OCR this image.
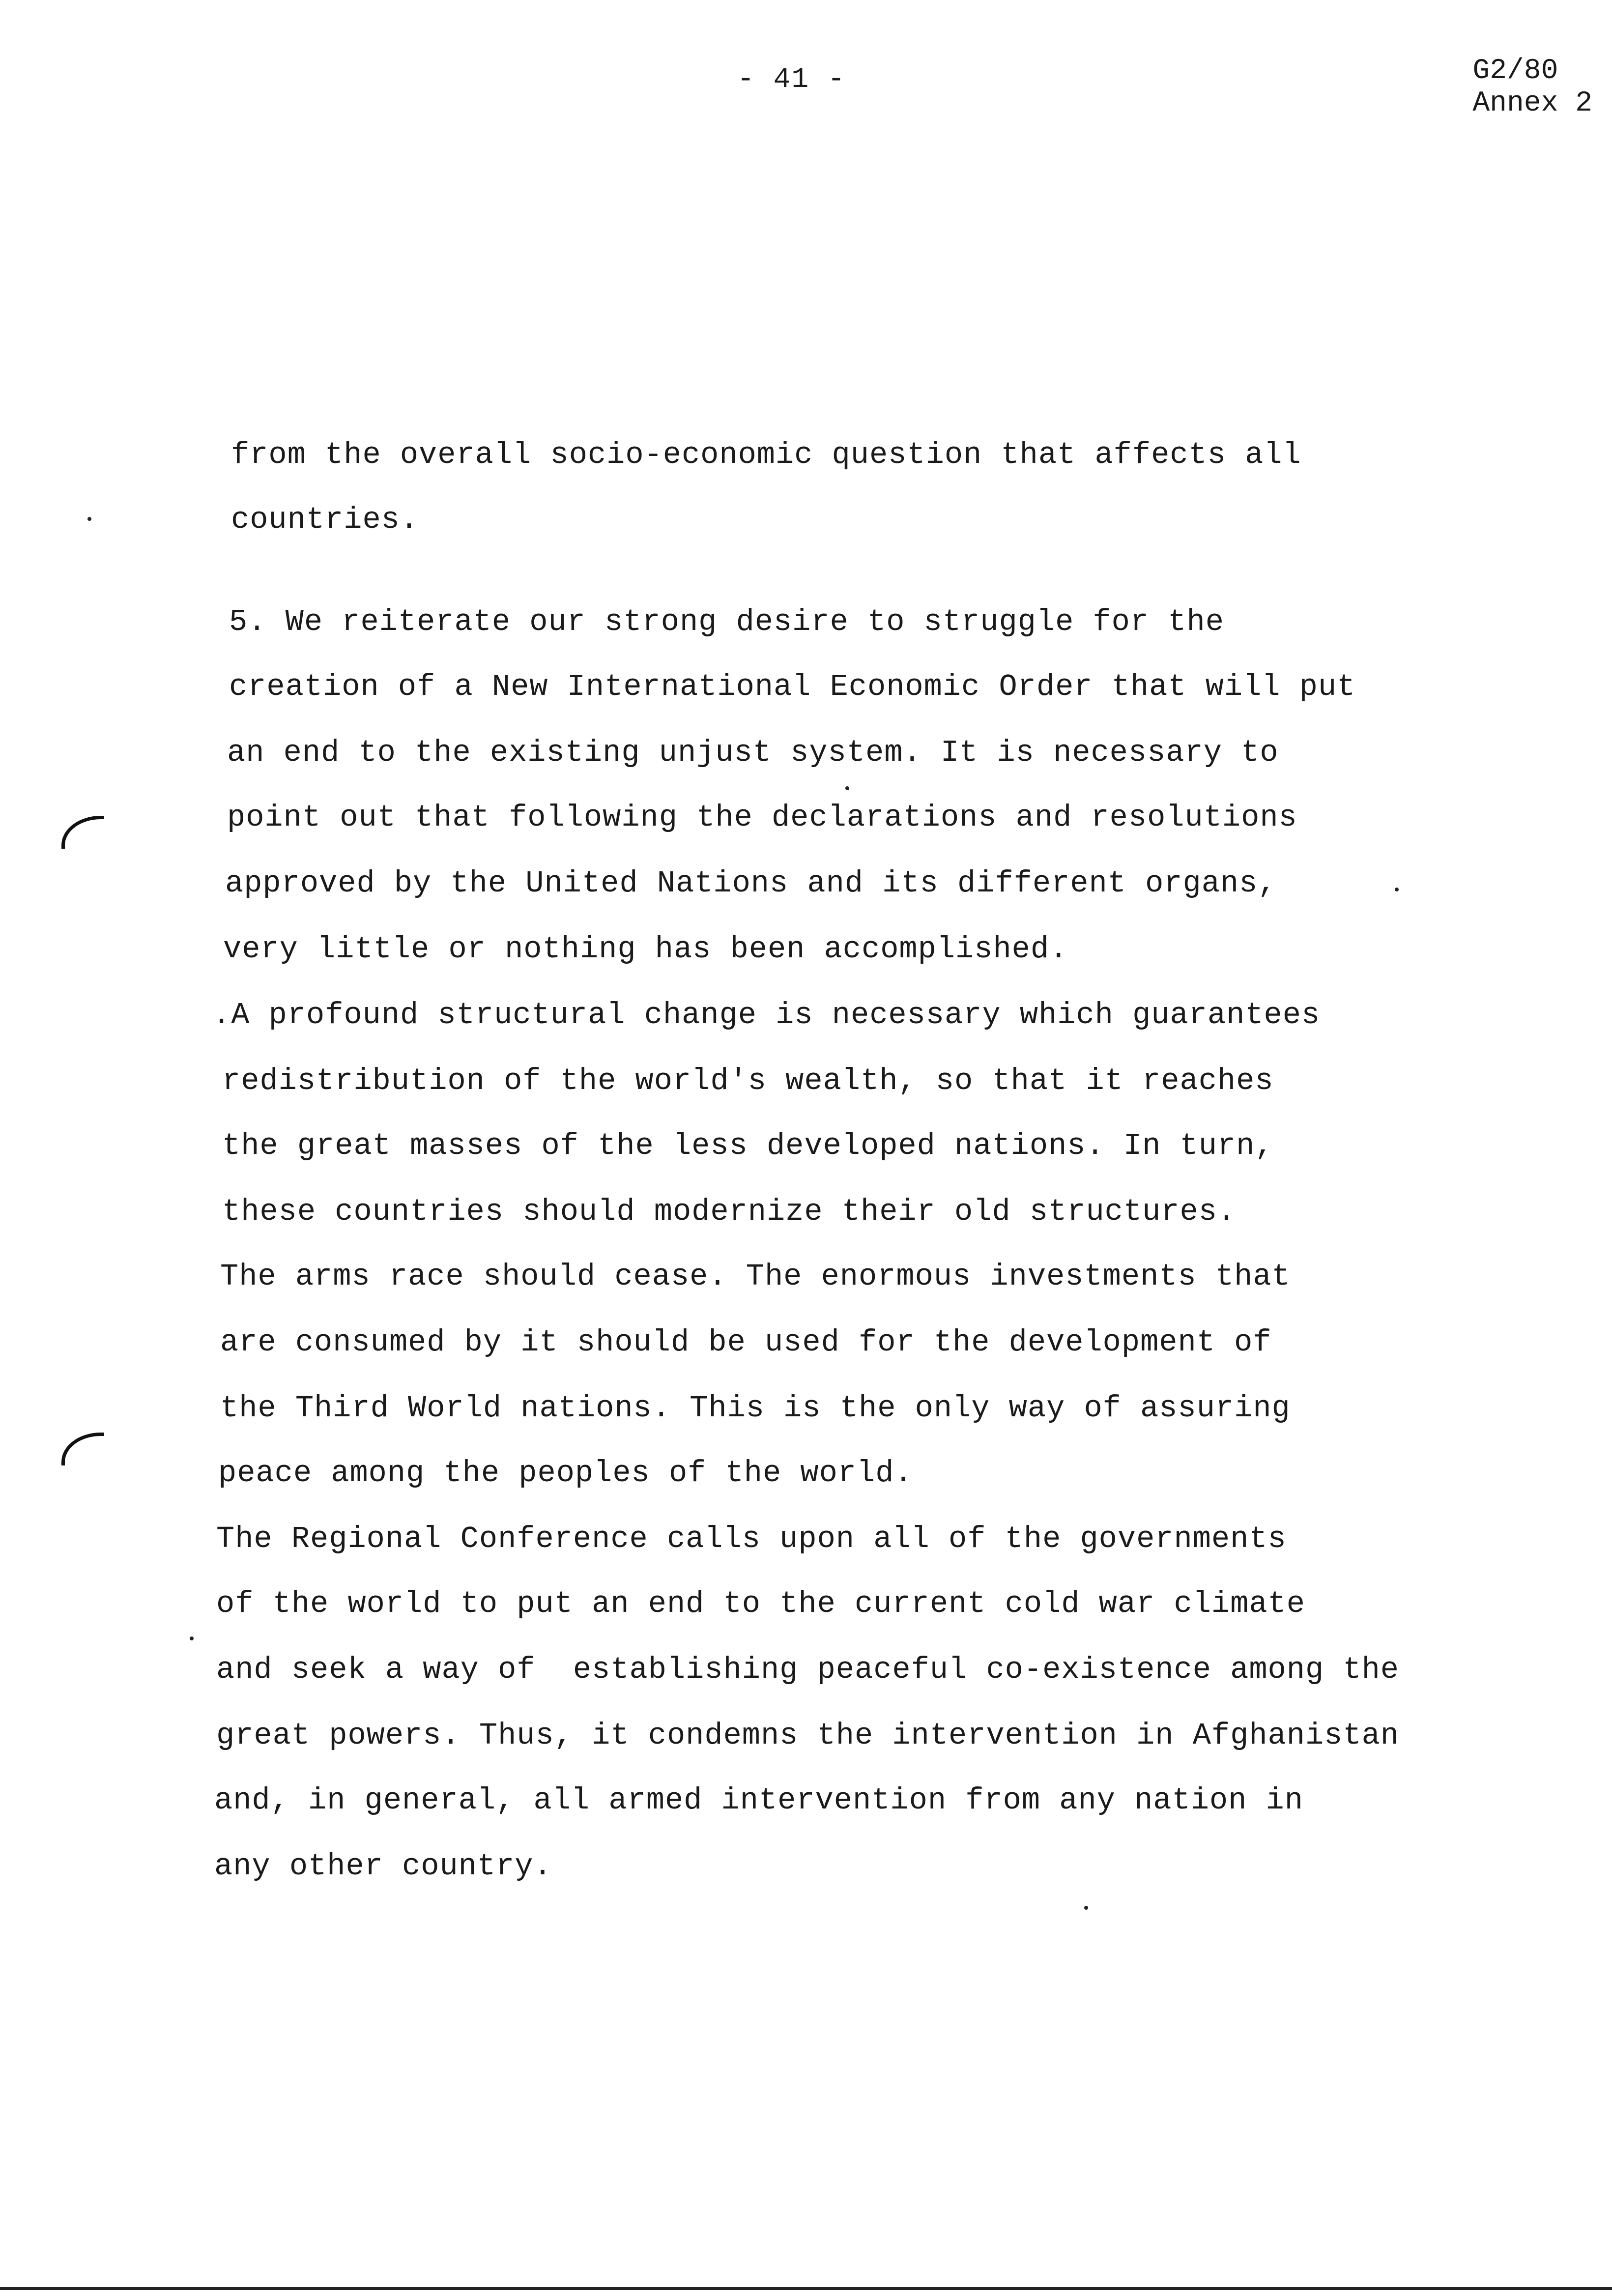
- 41 -	G2/80
Annex 2
from the overall socio-economic question that affects all
countries.
5. We reiterate our strong desire to struggle for the
creation of a New International Economic Order that will put
an end to the existing unjust system. It is necessary to
point out that following the declarations and resolutions
approved by the United Nations and its different organs,
very little or nothing has been accomplished.
.A profound structural change is necessary which guarantees
redistribution of the world's wealth, so that it reaches
the great masses of the less developed nations. In turn,
these countries should modernize their old structures.
The arms race should cease. The enormous investments that
are consumed by it should be used for the development of
the Third World nations. This is the only way of assuring
peace among the peoples of the world.
The Regional Conference calls upon all of the governments
of the world to put an end to the current cold war climate
and seek a way of  establishing peaceful co-existence among the
great powers. Thus, it condemns the intervention in Afghanistan
and, in general, all armed intervention from any nation in
any other country.
